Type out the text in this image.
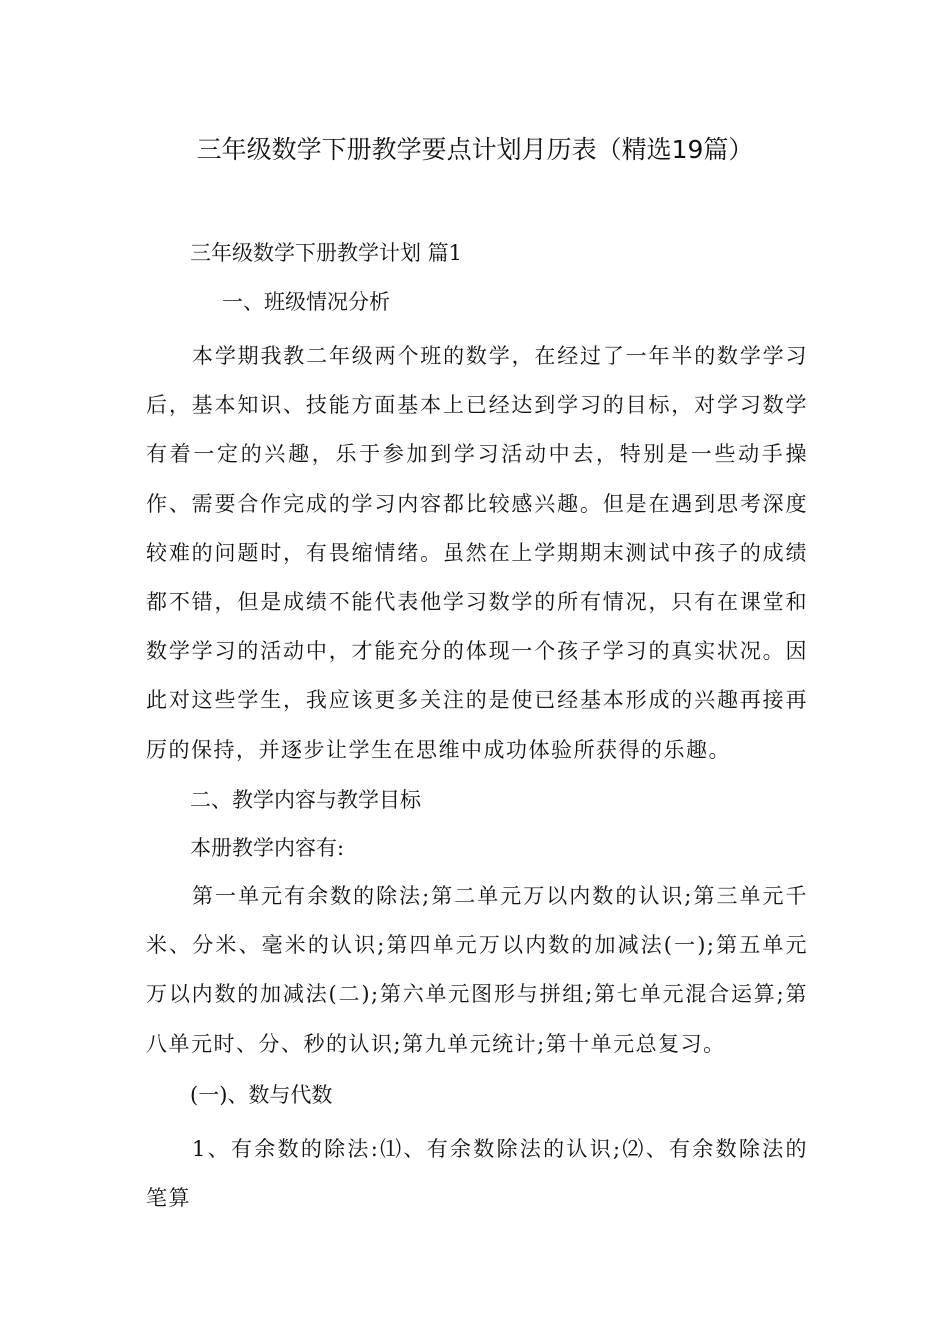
三年级数学下册教学要点计划月历表（精选19篇）

三年级数学下册教学计划 篇1

一、班级情况分析

本学期我教二年级两个班的数学，在经过了一年半的数学学习后，基本知识、技能方面基本上已经达到学习的目标，对学习数学有着一定的兴趣，乐于参加到学习活动中去，特别是一些动手操作、需要合作完成的学习内容都比较感兴趣。但是在遇到思考深度较难的问题时，有畏缩情绪。虽然在上学期期末测试中孩子的成绩都不错，但是成绩不能代表他学习数学的所有情况，只有在课堂和数学学习的活动中，才能充分的体现一个孩子学习的真实状况。因此对这些学生，我应该更多关注的是使已经基本形成的兴趣再接再厉的保持，并逐步让学生在思维中成功体验所获得的乐趣。

二、教学内容与教学目标

本册教学内容有:

第一单元有余数的除法;第二单元万以内数的认识;第三单元千米、分米、毫米的认识;第四单元万以内数的加减法(一);第五单元万以内数的加减法(二);第六单元图形与拼组;第七单元混合运算;第八单元时、分、秒的认识;第九单元统计;第十单元总复习。

(一)、数与代数

1、有余数的除法:⑴、有余数除法的认识;⑵、有余数除法的笔算
